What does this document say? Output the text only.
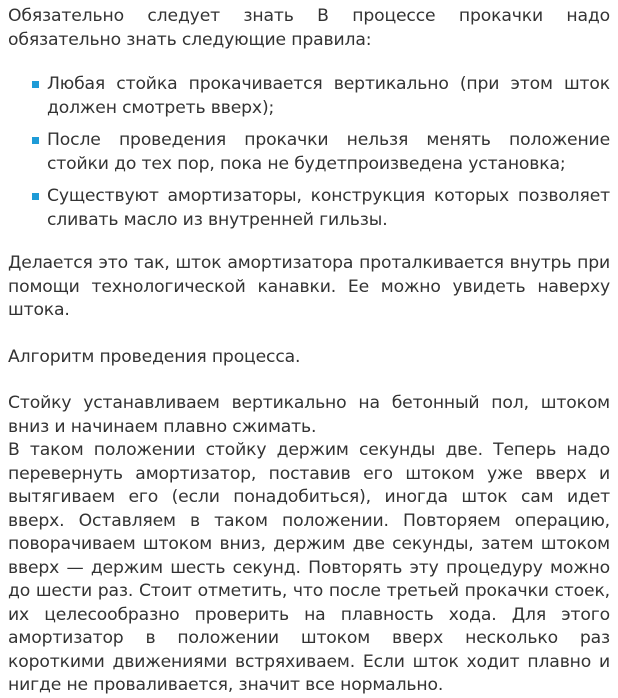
Обязательно следует знать В процессе прокачки надо обязательно знать следующие правила:

Любая стойка прокачивается вертикально (при этом шток должен смотреть вверх);
После проведения прокачки нельзя менять положение стойки до тех пор, пока не будетпроизведена установка;
Существуют амортизаторы, конструкция которых позволяет сливать масло из внутренней гильзы.

Делается это так, шток амортизатора проталкивается внутрь при помощи технологической канавки. Ее можно увидеть наверху штока.

Алгоритм проведения процесса.

Стойку устанавливаем вертикально на бетонный пол, штоком вниз и начинаем плавно сжимать.

В таком положении стойку держим секунды две. Теперь надо перевернуть амортизатор, поставив его штоком уже вверх и вытягиваем его (если понадобиться), иногда шток сам идет вверх. Оставляем в таком положении. Повторяем операцию, поворачиваем штоком вниз, держим две секунды, затем штоком вверх — держим шесть секунд. Повторять эту процедуру можно до шести раз. Стоит отметить, что после третьей прокачки стоек, их целесообразно проверить на плавность хода. Для этого амортизатор в положении штоком вверх несколько раз короткими движениями встряхиваем. Если шток ходит плавно и нигде не проваливается, значит все нормально.
